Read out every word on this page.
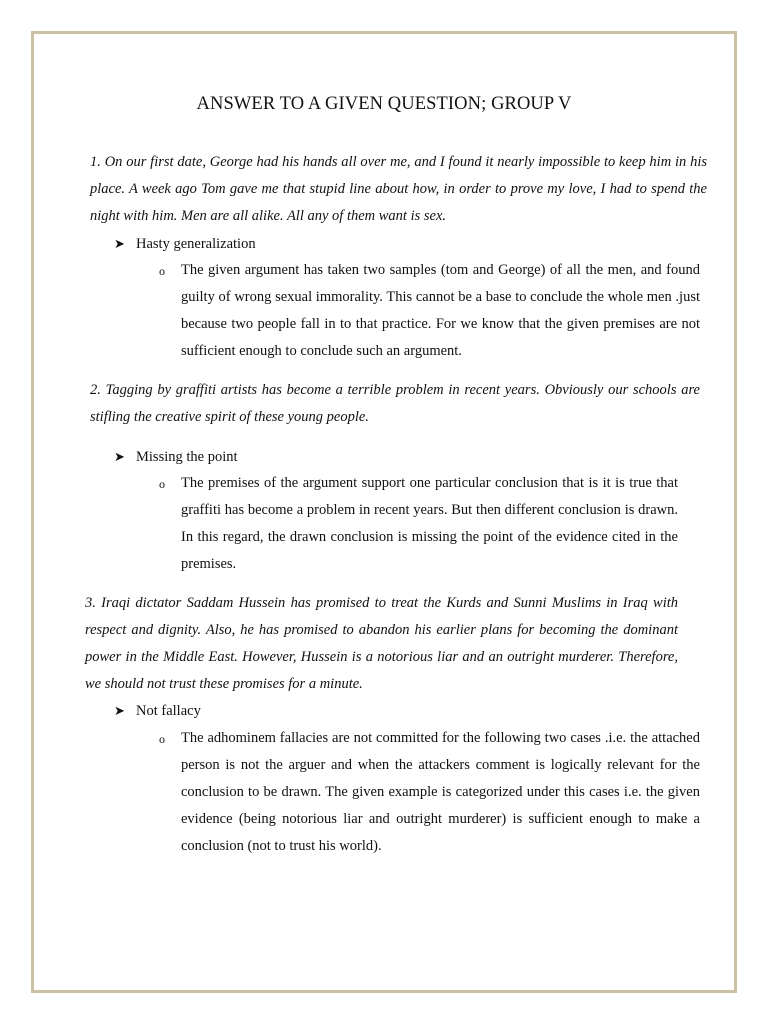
ANSWER TO A GIVEN QUESTION; GROUP V

1. On our first date, George had his hands all over me, and I found it nearly impossible to keep him in his place. A week ago Tom gave me that stupid line about how, in order to prove my love, I had to spend the night with him. Men are all alike. All any of them want is sex.

➤ Hasty generalization
o The given argument has taken two samples (tom and George) of all the men, and found guilty of wrong sexual immorality. This cannot be a base to conclude the whole men .just because two people fall in to that practice. For we know that the given premises are not sufficient enough to conclude such an argument.

2. Tagging by graffiti artists has become a terrible problem in recent years. Obviously our schools are stifling the creative spirit of these young people.

➤ Missing the point
o The premises of the argument support one particular conclusion that is it is true that graffiti has become a problem in recent years. But then different conclusion is drawn. In this regard, the drawn conclusion is missing the point of the evidence cited in the premises.

3. Iraqi dictator Saddam Hussein has promised to treat the Kurds and Sunni Muslims in Iraq with respect and dignity. Also, he has promised to abandon his earlier plans for becoming the dominant power in the Middle East. However, Hussein is a notorious liar and an outright murderer. Therefore, we should not trust these promises for a minute.

➤ Not fallacy
o The adhominem fallacies are not committed for the following two cases .i.e. the attached person is not the arguer and when the attackers comment is logically relevant for the conclusion to be drawn. The given example is categorized under this cases i.e. the given evidence (being notorious liar and outright murderer) is sufficient enough to make a conclusion (not to trust his world).
